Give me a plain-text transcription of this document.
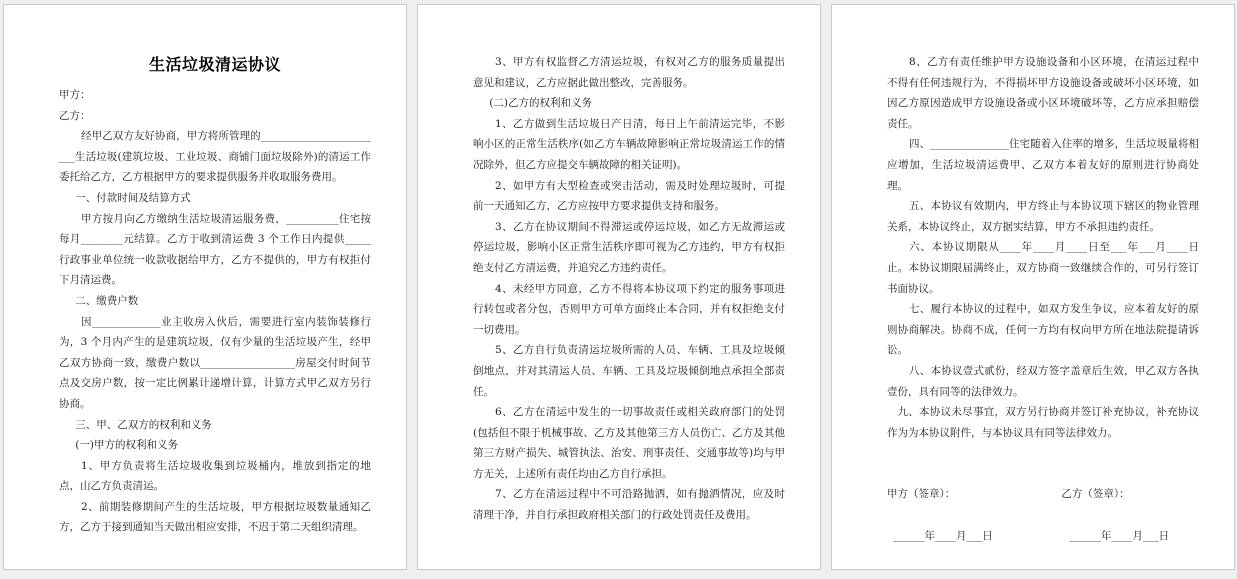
生活垃圾清运协议

甲方：

乙方：

经甲乙双方友好协商，甲方将所管理的________________________生活垃圾(建筑垃圾、工业垃圾、商铺门面垃圾除外)的清运工作委托给乙方，乙方根据甲方的要求提供服务并收取服务费用。

一、付款时间及结算方式

甲方按月向乙方缴纳生活垃圾清运服务费，__________住宅按每月________元结算。乙方于收到清运费 3 个工作日内提供_____行政事业单位统一收款收据给甲方，乙方不提供的，甲方有权拒付下月清运费。

二、缴费户数

因_____________业主收房入伙后，需要进行室内装饰装修行为，3 个月内产生的是建筑垃圾，仅有少量的生活垃圾产生，经甲乙双方协商一致，缴费户数以__________________房屋交付时间节点及交房户数，按一定比例累计递增计算，计算方式甲乙双方另行协商。

三、甲、乙双方的权利和义务

(一)甲方的权利和义务

1、甲方负责将生活垃圾收集到垃圾桶内，堆放到指定的地点，山乙方负责清运。

2、前期装修期间产生的生活垃圾，甲方根据垃圾数量通知乙方，乙方于接到通知当天做出相应安排，不迟于第二天组织清理。

3、甲方有权监督乙方清运垃圾，有权对乙方的服务质量提出意见和建议，乙方应据此做出整改，完善服务。

(二)乙方的权利和义务

1、乙方做到生活垃圾日产日清，每日上午前清运完毕，不影响小区的正常生活秩序(如乙方车辆故障影响正常垃圾清运工作的情况除外，但乙方应提交车辆故障的相关证明)。

2、如甲方有大型检查或突击活动，需及时处理垃圾时，可提前一天通知乙方，乙方应按甲方要求提供支持和服务。

3、乙方在协议期间不得滞运或停运垃圾，如乙方无故滞运或停运垃圾，影响小区正常生活秩序即可视为乙方违约，甲方有权拒绝支付乙方清运费，并追究乙方违约责任。

4、未经甲方同意，乙方不得将本协议项下约定的服务事项进行转包或者分包，否则甲方可单方面终止本合同，并有权拒绝支付一切费用。

5、乙方自行负责清运垃圾所需的人员、车辆、工具及垃圾倾倒地点，并对其清运人员、车辆、工具及垃圾倾倒地点承担全部责任。

6、乙方在清运中发生的一切事故责任或相关政府部门的处罚(包括但不限于机械事故、乙方及其他第三方人员伤亡、乙方及其他第三方财产损失、城管执法、治安、刑事责任、交通事故等)均与甲方无关，上述所有责任均由乙方自行承担。

7、乙方在清运过程中不可沿路抛洒，如有抛洒情况，应及时清理干净，并自行承担政府相关部门的行政处罚责任及费用。

8、乙方有责任维护甲方设施设备和小区环境，在清运过程中不得有任何违规行为，不得损坏甲方设施设备或破坏小区环境，如因乙方原因造成甲方设施设备或小区环境破坏等，乙方应承担赔偿责任。

四、_______________住宅随着入住率的增多，生活垃圾量将相应增加，生活垃圾清运费甲、乙双方本着友好的原则进行协商处理。

五、本协议有效期内，甲方终止与本协议项下辖区的物业管理关系，本协议终止，双方据实结算，甲方不承担违约责任。

六、本协议期限从____年____月____日至___年___月____日止。本协议期限届满终止，双方协商一致继续合作的，可另行签订书面协议。

七、履行本协议的过程中，如双方发生争议，应本着友好的原则协商解决。协商不成，任何一方均有权向甲方所在地法院提请诉讼。

八、本协议壹式贰份，经双方签字盖章后生效，甲乙双方各执壹份，具有同等的法律效力。

九、本协议未尽事宜，双方另行协商并签订补充协议，补充协议作为为本协议附件，与本协议具有同等法律效力。

甲方（签章）：	乙方（签章）：
______年____月___日	______年____月___日
